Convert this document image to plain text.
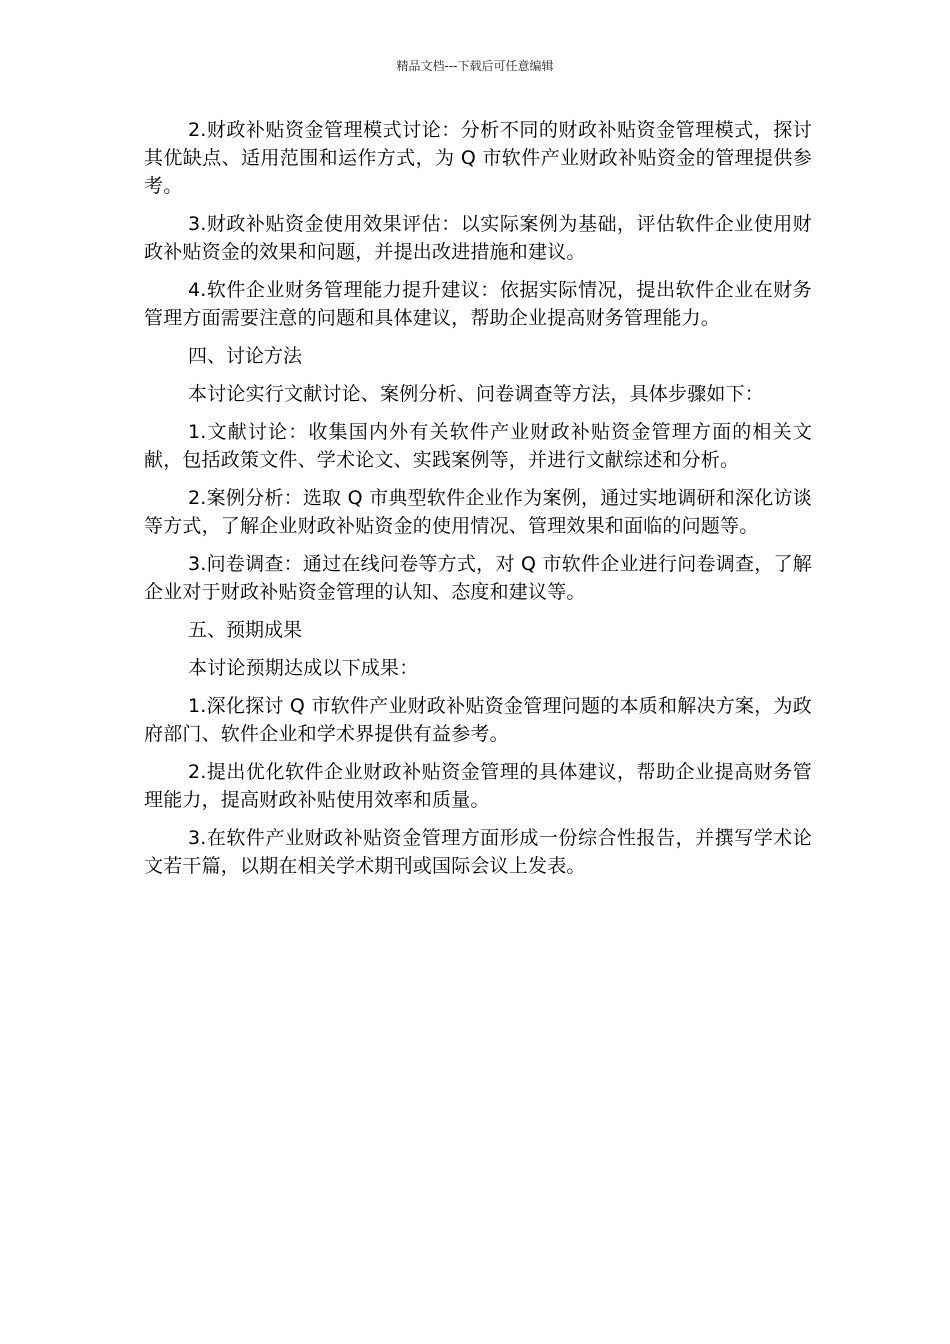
精品文档---下载后可任意编辑

2.财政补贴资金管理模式讨论：分析不同的财政补贴资金管理模式，探讨其优缺点、适用范围和运作方式，为 Q 市软件产业财政补贴资金的管理提供参考。

3.财政补贴资金使用效果评估：以实际案例为基础，评估软件企业使用财政补贴资金的效果和问题，并提出改进措施和建议。

4.软件企业财务管理能力提升建议：依据实际情况，提出软件企业在财务管理方面需要注意的问题和具体建议，帮助企业提高财务管理能力。

四、讨论方法

本讨论实行文献讨论、案例分析、问卷调查等方法，具体步骤如下：

1.文献讨论：收集国内外有关软件产业财政补贴资金管理方面的相关文献，包括政策文件、学术论文、实践案例等，并进行文献综述和分析。

2.案例分析：选取 Q 市典型软件企业作为案例，通过实地调研和深化访谈等方式，了解企业财政补贴资金的使用情况、管理效果和面临的问题等。

3.问卷调查：通过在线问卷等方式，对 Q 市软件企业进行问卷调查，了解企业对于财政补贴资金管理的认知、态度和建议等。

五、预期成果

本讨论预期达成以下成果：

1.深化探讨 Q 市软件产业财政补贴资金管理问题的本质和解决方案，为政府部门、软件企业和学术界提供有益参考。

2.提出优化软件企业财政补贴资金管理的具体建议，帮助企业提高财务管理能力，提高财政补贴使用效率和质量。

3.在软件产业财政补贴资金管理方面形成一份综合性报告，并撰写学术论文若干篇，以期在相关学术期刊或国际会议上发表。
